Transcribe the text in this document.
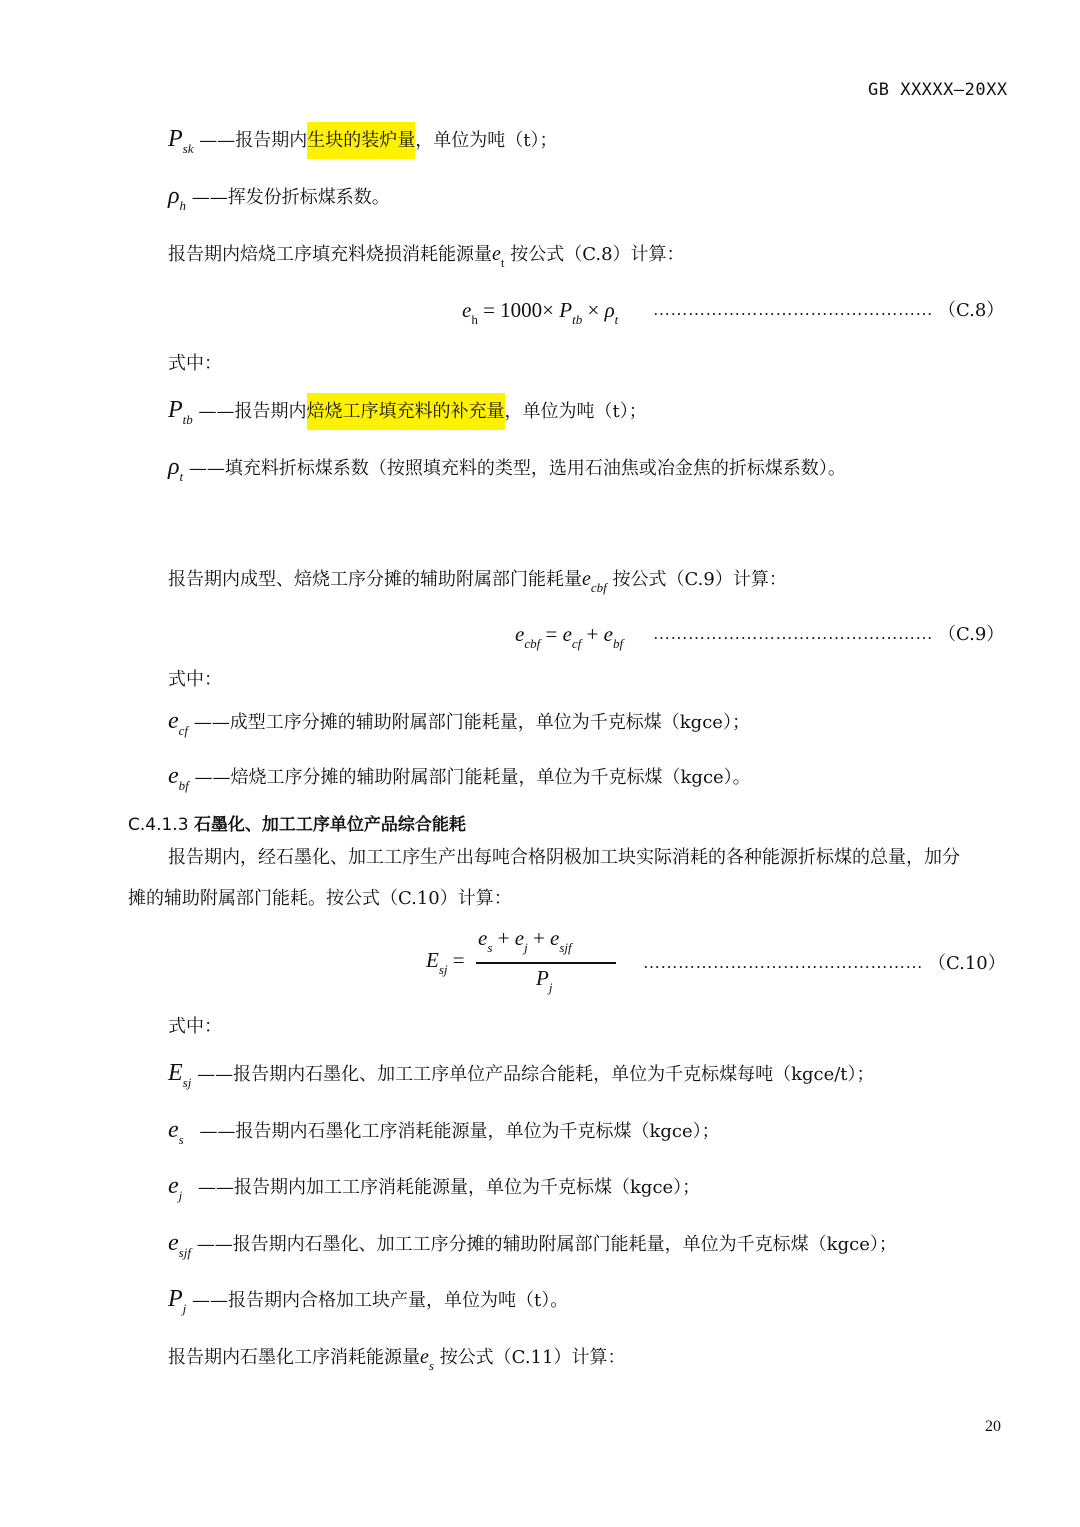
GB XXXXX—20XX
$P_{sk}$ ——报告期内生块的装炉量，单位为吨（t）；
$\rho_h$ ——挥发份折标煤系数。
报告期内焙烧工序填充料烧损消耗能源量$e_t$ 按公式（C.8）计算：
$e_h = 1000\times P_{tb} \times \rho_t$
………………………………………… （C.8）
式中：
$P_{tb}$ ——报告期内焙烧工序填充料的补充量，单位为吨（t）；
$\rho_t$ ——填充料折标煤系数（按照填充料的类型，选用石油焦或冶金焦的折标煤系数）。
报告期内成型、焙烧工序分摊的辅助附属部门能耗量$e_{cbf}$ 按公式（C.9）计算：
$e_{cbf} = e_{cf} + e_{bf}$
………………………………………… （C.9）
式中：
$e_{cf}$ ——成型工序分摊的辅助附属部门能耗量，单位为千克标煤（kgce）；
$e_{bf}$ ——焙烧工序分摊的辅助附属部门能耗量，单位为千克标煤（kgce）。
C.4.1.3 石墨化、加工工序单位产品综合能耗
报告期内，经石墨化、加工工序生产出每吨合格阴极加工块实际消耗的各种能源折标煤的总量，加分
摊的辅助附属部门能耗。按公式（C.10）计算：
$E_{sj}$ =
$e_s + e_j + e_{sjf}$
$P_j$
………………………………………… （C.10）
式中：
$E_{sj}$ ——报告期内石墨化、加工工序单位产品综合能耗，单位为千克标煤每吨（kgce/t）；
$e_s$ ——报告期内石墨化工序消耗能源量，单位为千克标煤（kgce）；
$e_j$ ——报告期内加工工序消耗能源量，单位为千克标煤（kgce）；
$e_{sjf}$ ——报告期内石墨化、加工工序分摊的辅助附属部门能耗量，单位为千克标煤（kgce）；
$P_j$ ——报告期内合格加工块产量，单位为吨（t）。
报告期内石墨化工序消耗能源量$e_s$ 按公式（C.11）计算：
20
